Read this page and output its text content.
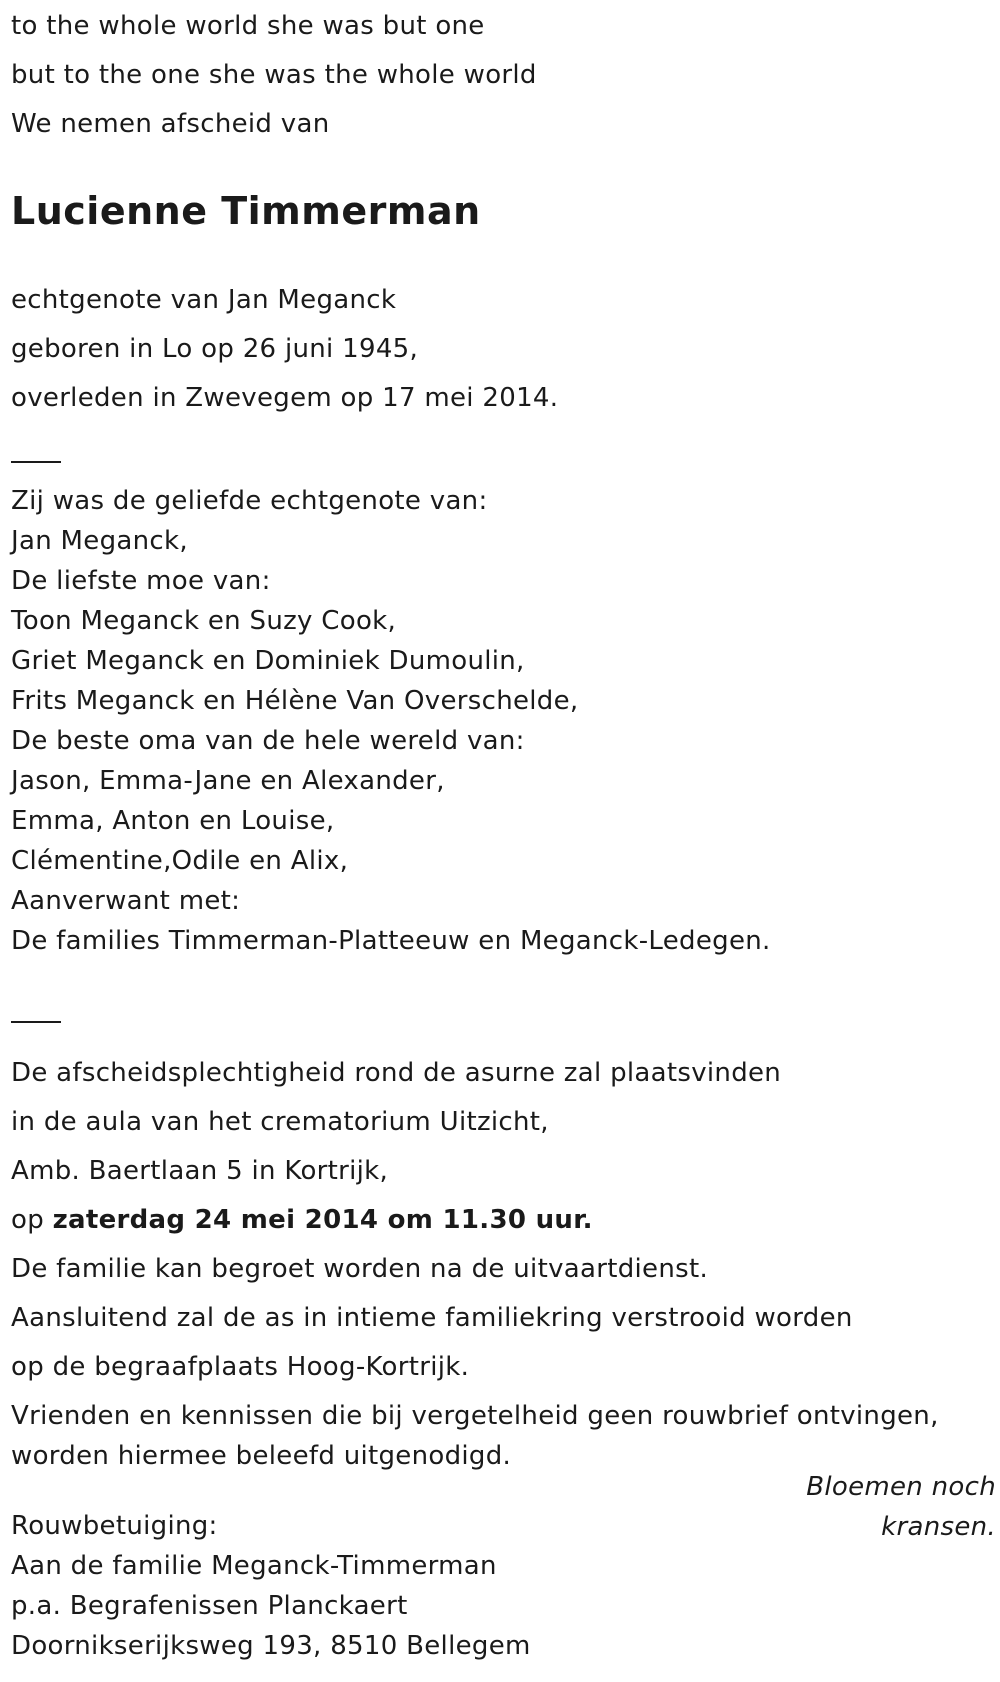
to the whole world she was but one
but to the one she was the whole world
We nemen afscheid van
Lucienne Timmerman
echtgenote van Jan Meganck
geboren in Lo op 26 juni 1945,
overleden in Zwevegem op 17 mei 2014.
Zij was de geliefde echtgenote van:
Jan Meganck,
De liefste moe van:
Toon Meganck en Suzy Cook,
Griet Meganck en Dominiek Dumoulin,
Frits Meganck en Hélène Van Overschelde,
De beste oma van de hele wereld van:
Jason, Emma-Jane en Alexander,
Emma, Anton en Louise,
Clémentine,Odile en Alix,
Aanverwant met:
De families Timmerman-Platteeuw en Meganck-Ledegen.
De afscheidsplechtigheid rond de asurne zal plaatsvinden
in de aula van het crematorium Uitzicht,
Amb. Baertlaan 5 in Kortrijk,
op zaterdag 24 mei 2014 om 11.30 uur.
De familie kan begroet worden na de uitvaartdienst.
Aansluitend zal de as in intieme familiekring verstrooid worden
op de begraafplaats Hoog-Kortrijk.
Vrienden en kennissen die bij vergetelheid geen rouwbrief ontvingen,
worden hiermee beleefd uitgenodigd.
Bloemen noch
kransen.
Rouwbetuiging:
Aan de familie Meganck-Timmerman
p.a. Begrafenissen Planckaert
Doornikserijksweg 193, 8510 Bellegem
